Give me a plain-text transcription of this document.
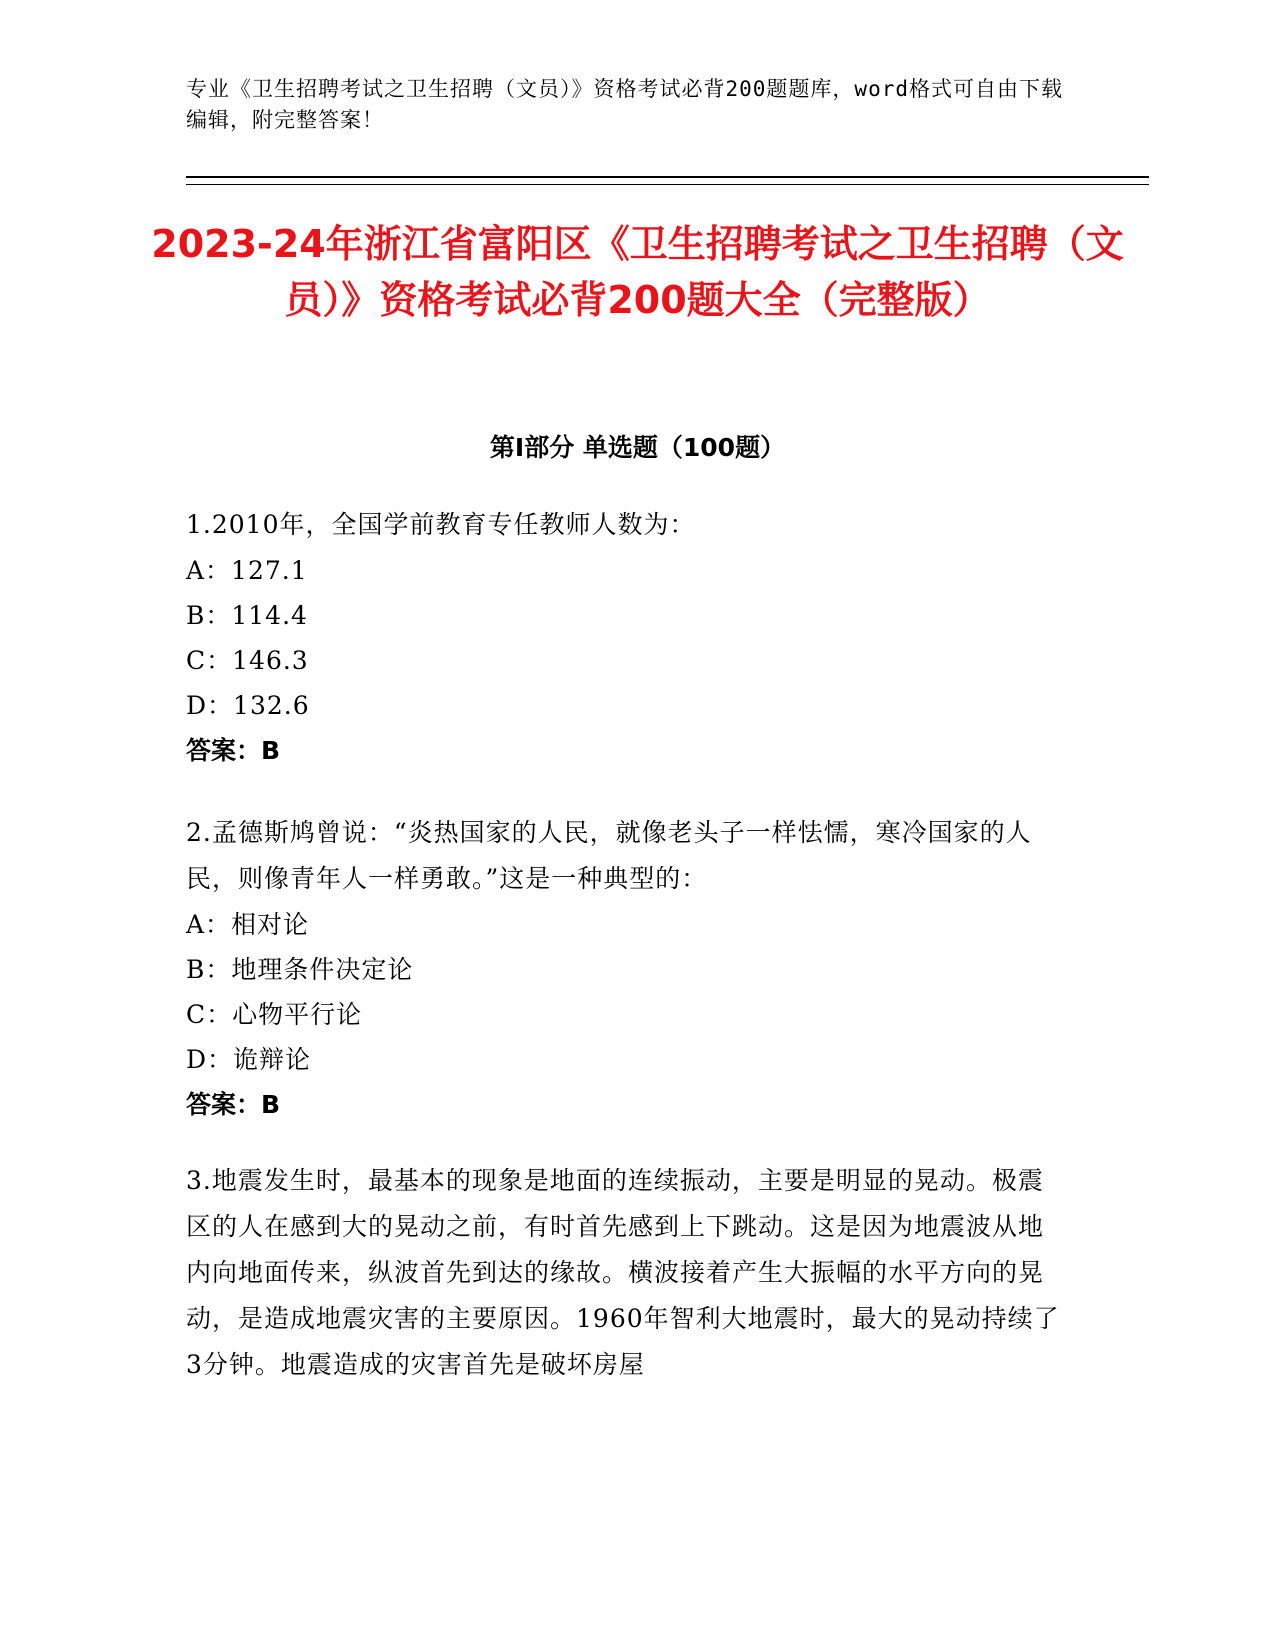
专业《卫生招聘考试之卫生招聘（文员）》资格考试必背200题题库，word格式可自由下载编辑，附完整答案！
2023-24年浙江省富阳区《卫生招聘考试之卫生招聘（文员）》资格考试必背200题大全（完整版）
第I部分 单选题（100题）
1.2010年，全国学前教育专任教师人数为：
A：127.1
B：114.4
C：146.3
D：132.6
答案：B
2.孟德斯鸠曾说：“炎热国家的人民，就像老头子一样怯懦，寒冷国家的人民，则像青年人一样勇敢。”这是一种典型的：
A：相对论
B：地理条件决定论
C：心物平行论
D：诡辩论
答案：B
3.地震发生时，最基本的现象是地面的连续振动，主要是明显的晃动。极震区的人在感到大的晃动之前，有时首先感到上下跳动。这是因为地震波从地内向地面传来，纵波首先到达的缘故。横波接着产生大振幅的水平方向的晃动，是造成地震灾害的主要原因。1960年智利大地震时，最大的晃动持续了3分钟。地震造成的灾害首先是破坏房屋
